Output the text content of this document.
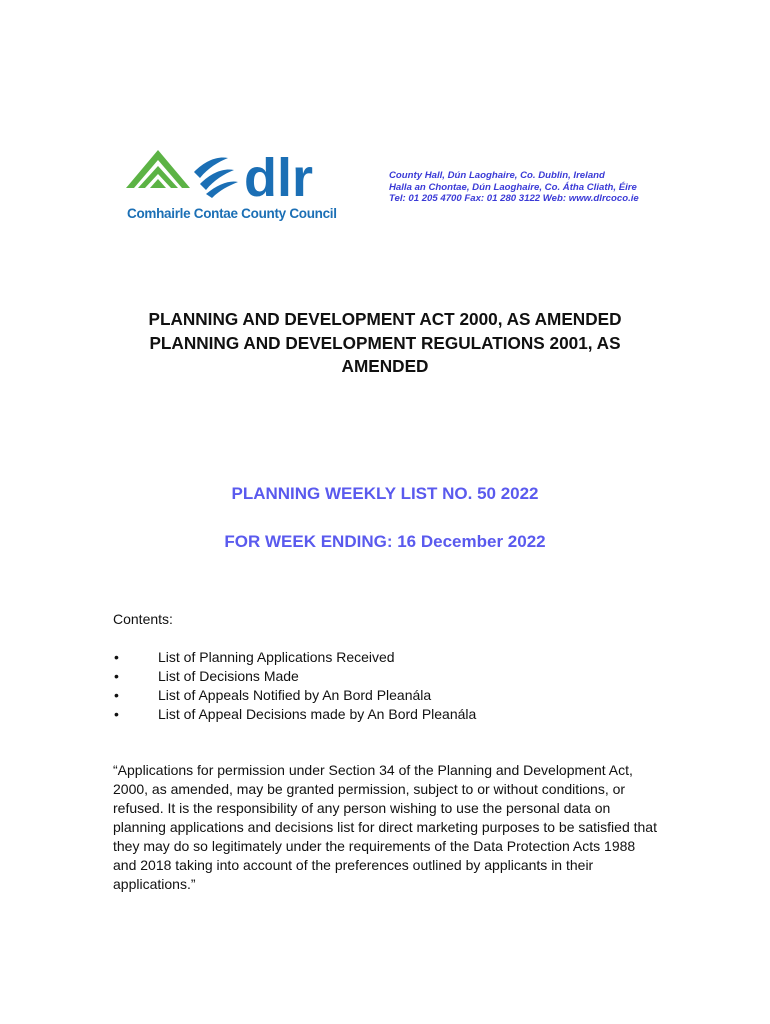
dlr
Comhairle Contae County Council
County Hall, Dún Laoghaire, Co. Dublin, Ireland
Halla an Chontae, Dún Laoghaire, Co. Átha Cliath, Éire
Tel: 01 205 4700 Fax: 01 280 3122 Web: www.dlrcoco.ie
PLANNING AND DEVELOPMENT ACT 2000, AS AMENDED
PLANNING AND DEVELOPMENT REGULATIONS 2001, AS
AMENDED
PLANNING WEEKLY LIST NO. 50 2022
FOR WEEK ENDING: 16 December 2022
Contents:
•	List of Planning Applications Received
•	List of Decisions Made
•	List of Appeals Notified by An Bord Pleanála
•	List of Appeal Decisions made by An Bord Pleanála

“Applications for permission under Section 34 of the Planning and Development Act, 2000, as amended, may be granted permission, subject to or without conditions, or refused. It is the responsibility of any person wishing to use the personal data on planning applications and decisions list for direct marketing purposes to be satisfied that they may do so legitimately under the requirements of the Data Protection Acts 1988 and 2018 taking into account of the preferences outlined by applicants in their applications.”
